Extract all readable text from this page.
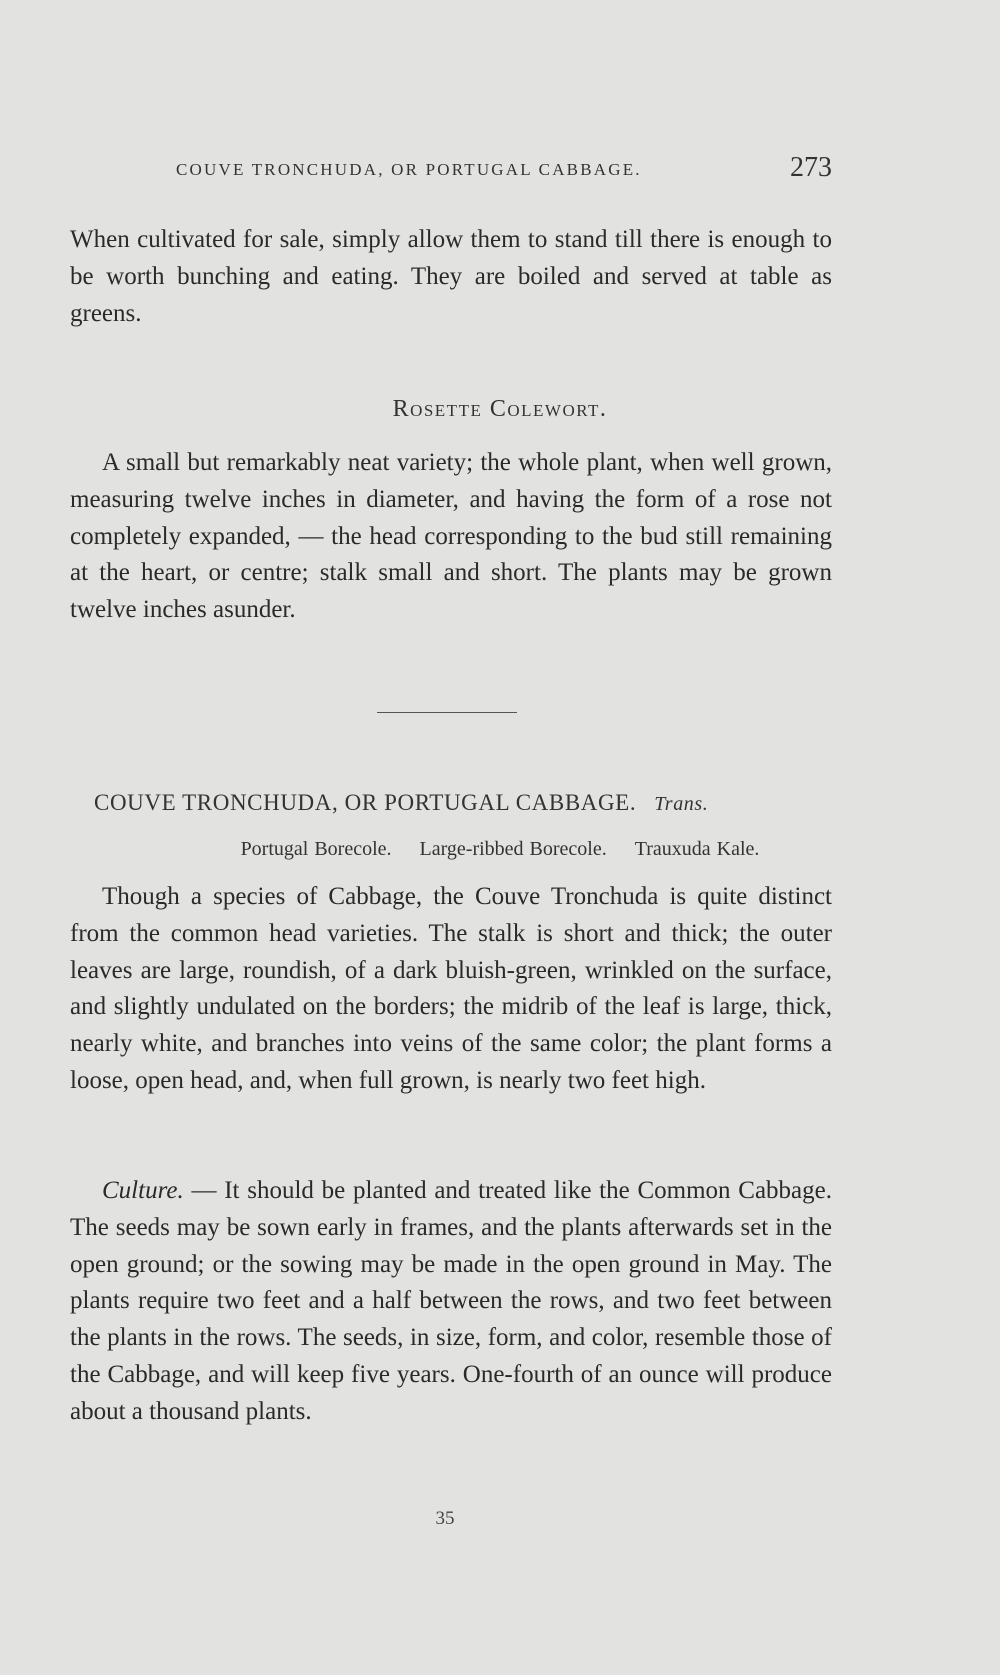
COUVE TRONCHUDA, OR PORTUGAL CABBAGE.	273

When cultivated for sale, simply allow them to stand till there is enough to be worth bunching and eating. They are boiled and served at table as greens.

Rosette Colewort.

A small but remarkably neat variety; the whole plant, when well grown, measuring twelve inches in diameter, and having the form of a rose not completely expanded, — the head corresponding to the bud still remaining at the heart, or centre; stalk small and short. The plants may be grown twelve inches asunder.

COUVE TRONCHUDA, OR PORTUGAL CABBAGE. Trans.
Portugal Borecole. Large-ribbed Borecole. Trauxuda Kale.

Though a species of Cabbage, the Couve Tronchuda is quite distinct from the common head varieties. The stalk is short and thick; the outer leaves are large, roundish, of a dark bluish-green, wrinkled on the surface, and slightly undulated on the borders; the midrib of the leaf is large, thick, nearly white, and branches into veins of the same color; the plant forms a loose, open head, and, when full grown, is nearly two feet high.

Culture. — It should be planted and treated like the Common Cabbage. The seeds may be sown early in frames, and the plants afterwards set in the open ground; or the sowing may be made in the open ground in May. The plants require two feet and a half between the rows, and two feet between the plants in the rows. The seeds, in size, form, and color, resemble those of the Cabbage, and will keep five years. One-fourth of an ounce will produce about a thousand plants.

35
